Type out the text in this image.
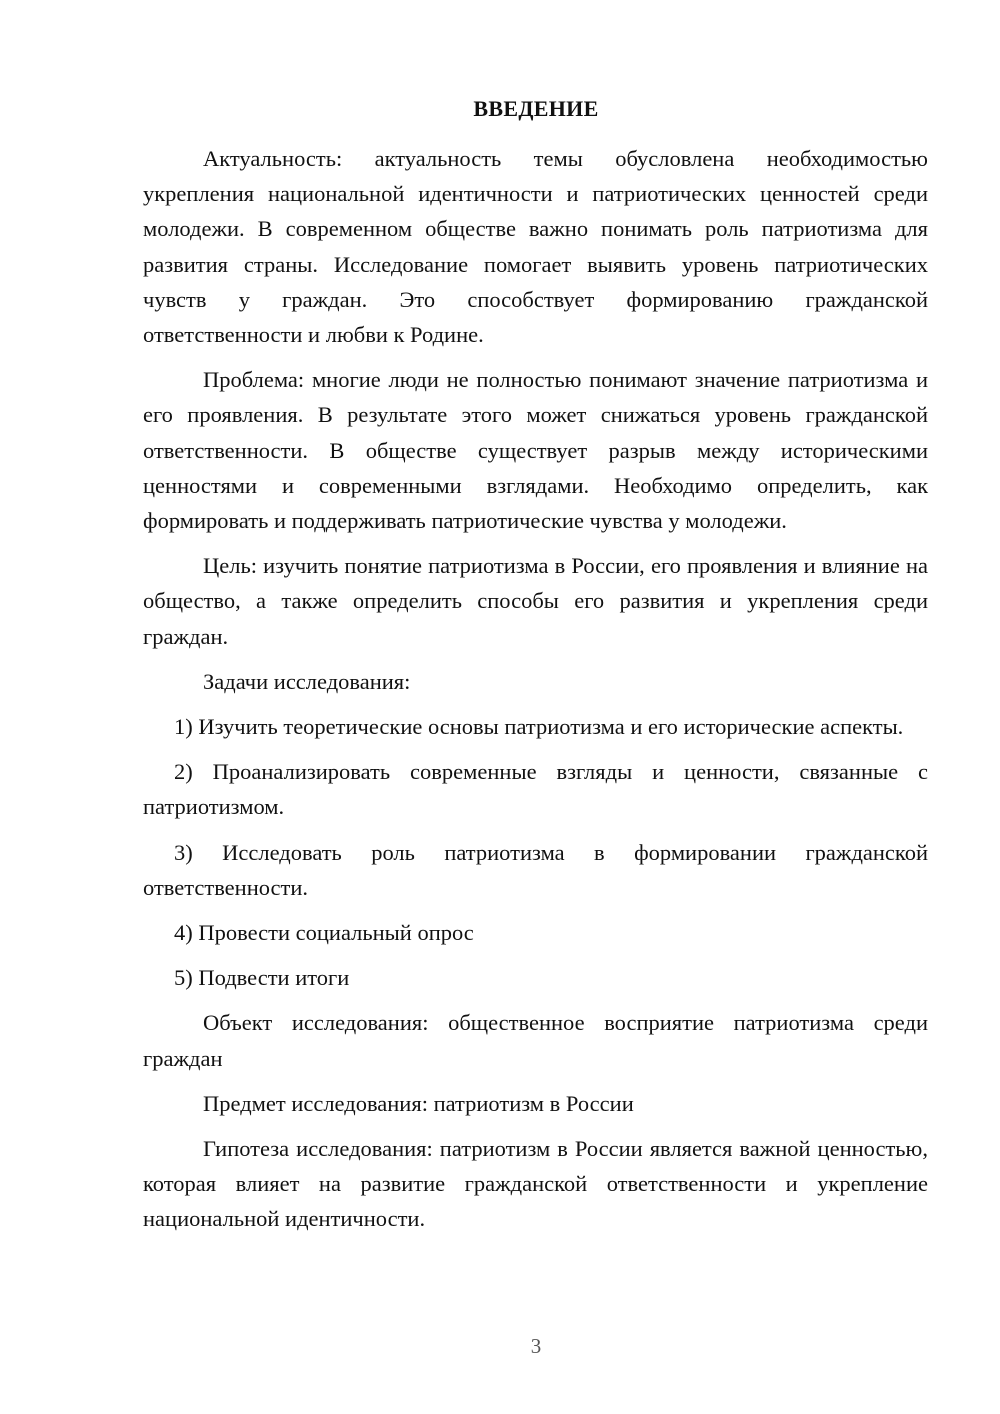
ВВЕДЕНИЕ

Актуальность: актуальность темы обусловлена необходимостью укрепления национальной идентичности и патриотических ценностей среди молодежи. В современном обществе важно понимать роль патриотизма для развития страны. Исследование помогает выявить уровень патриотических чувств у граждан. Это способствует формированию гражданской ответственности и любви к Родине.

Проблема: многие люди не полностью понимают значение патриотизма и его проявления. В результате этого может снижаться уровень гражданской ответственности. В обществе существует разрыв между историческими ценностями и современными взглядами. Необходимо определить, как формировать и поддерживать патриотические чувства у молодежи.

Цель: изучить понятие патриотизма в России, его проявления и влияние на общество, а также определить способы его развития и укрепления среди граждан.

Задачи исследования:

1) Изучить теоретические основы патриотизма и его исторические аспекты.

2) Проанализировать современные взгляды и ценности, связанные с патриотизмом.

3) Исследовать роль патриотизма в формировании гражданской ответственности.

4) Провести социальный опрос

5) Подвести итоги

Объект исследования: общественное восприятие патриотизма среди граждан

Предмет исследования: патриотизм в России

Гипотеза исследования: патриотизм в России является важной ценностью, которая влияет на развитие гражданской ответственности и укрепление национальной идентичности.

3
